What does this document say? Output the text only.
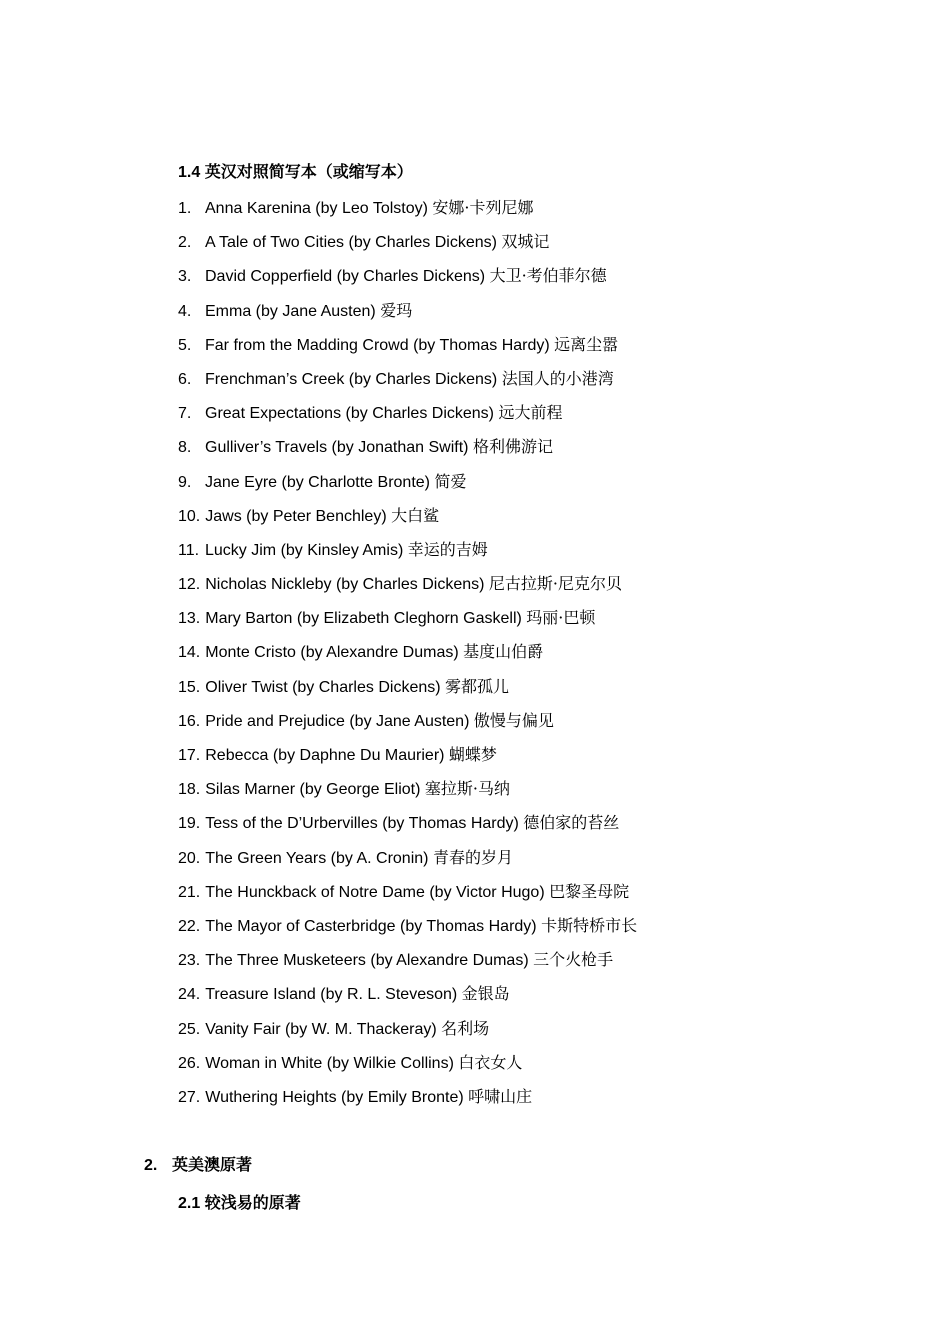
1.4 英汉对照简写本（或缩写本）
1. Anna Karenina (by Leo Tolstoy) 安娜·卡列尼娜
2. A Tale of Two Cities (by Charles Dickens) 双城记
3. David Copperfield (by Charles Dickens) 大卫·考伯菲尔德
4. Emma (by Jane Austen) 爱玛
5. Far from the Madding Crowd (by Thomas Hardy) 远离尘嚣
6. Frenchman’s Creek (by Charles Dickens) 法国人的小港湾
7. Great Expectations (by Charles Dickens) 远大前程
8. Gulliver’s Travels (by Jonathan Swift) 格利佛游记
9. Jane Eyre (by Charlotte Bronte) 简爱
10. Jaws (by Peter Benchley) 大白鲨
11. Lucky Jim (by Kinsley Amis) 幸运的吉姆
12. Nicholas Nickleby (by Charles Dickens) 尼古拉斯·尼克尔贝
13. Mary Barton (by Elizabeth Cleghorn Gaskell) 玛丽·巴顿
14. Monte Cristo (by Alexandre Dumas) 基度山伯爵
15. Oliver Twist (by Charles Dickens) 雾都孤儿
16. Pride and Prejudice (by Jane Austen) 傲慢与偏见
17. Rebecca (by Daphne Du Maurier) 蝴蝶梦
18. Silas Marner (by George Eliot) 塞拉斯·马纳
19. Tess of the D’Urbervilles (by Thomas Hardy) 德伯家的苔丝
20. The Green Years (by A. Cronin) 青春的岁月
21. The Hunckback of Notre Dame (by Victor Hugo) 巴黎圣母院
22. The Mayor of Casterbridge (by Thomas Hardy) 卡斯特桥市长
23. The Three Musketeers (by Alexandre Dumas) 三个火枪手
24. Treasure Island (by R. L. Steveson) 金银岛
25. Vanity Fair (by W. M. Thackeray) 名利场
26. Woman in White (by Wilkie Collins) 白衣女人
27. Wuthering Heights (by Emily Bronte) 呼啸山庄
2. 英美澳原著
2.1 较浅易的原著
